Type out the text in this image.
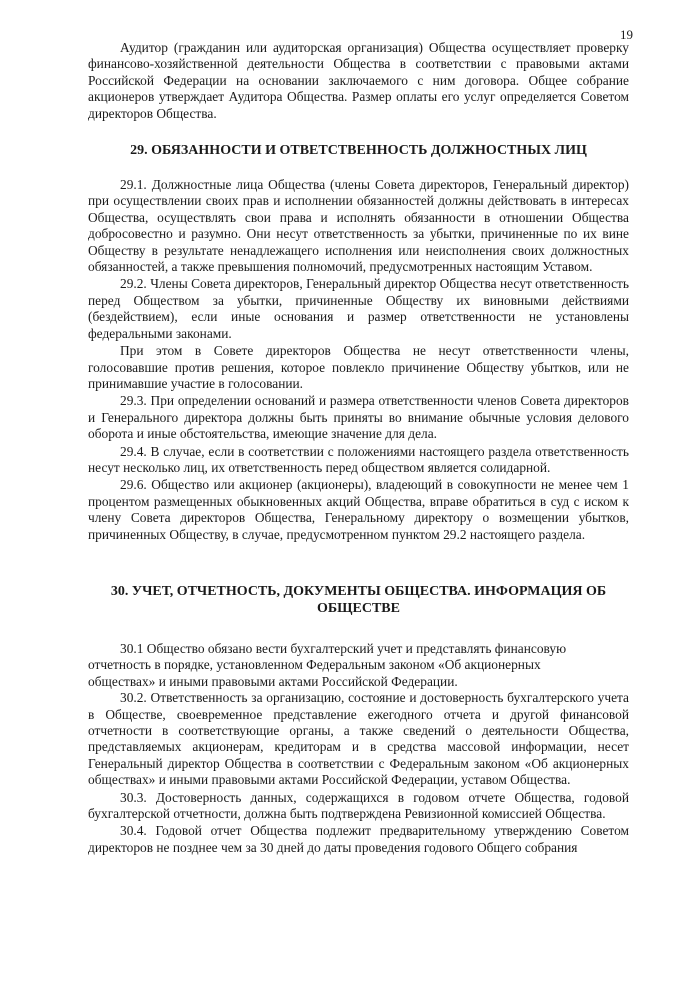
19

Аудитор (гражданин или аудиторская организация) Общества осуществляет проверку финансово-хозяйственной деятельности Общества в соответствии с правовыми актами Российской Федерации на основании заключаемого с ним договора. Общее собрание акционеров утверждает Аудитора Общества. Размер оплаты его услуг определяется Советом директоров Общества.

29. ОБЯЗАННОСТИ И ОТВЕТСТВЕННОСТЬ ДОЛЖНОСТНЫХ ЛИЦ

29.1. Должностные лица Общества (члены Совета директоров, Генеральный директор) при осуществлении своих прав и исполнении обязанностей должны действовать в интересах Общества, осуществлять свои права и исполнять обязанности в отношении Общества добросовестно и разумно. Они несут ответственность за убытки, причиненные по их вине Обществу в результате ненадлежащего исполнения или неисполнения своих должностных обязанностей, а также превышения полномочий, предусмотренных настоящим Уставом.

29.2. Члены Совета директоров, Генеральный директор Общества несут ответственность перед Обществом за убытки, причиненные Обществу их виновными действиями (бездействием), если иные основания и размер ответственности не установлены федеральными законами.

При этом в Совете директоров Общества не несут ответственности члены, голосовавшие против решения, которое повлекло причинение Обществу убытков, или не принимавшие участие в голосовании.

29.3. При определении оснований и размера ответственности членов Совета директоров и Генерального директора должны быть приняты во внимание обычные условия делового оборота и иные обстоятельства, имеющие значение для дела.

29.4. В случае, если в соответствии с положениями настоящего раздела ответственность несут несколько лиц, их ответственность перед обществом является солидарной.

29.6. Общество или акционер (акционеры), владеющий в совокупности не менее чем 1 процентом размещенных обыкновенных акций Общества, вправе обратиться в суд с иском к члену Совета директоров Общества, Генеральному директору о возмещении убытков, причиненных Обществу, в случае, предусмотренном пунктом 29.2 настоящего раздела.

30. УЧЕТ, ОТЧЕТНОСТЬ, ДОКУМЕНТЫ ОБЩЕСТВА. ИНФОРМАЦИЯ ОБ
ОБЩЕСТВЕ

30.1 Общество обязано вести бухгалтерский учет и представлять финансовую
отчетность в порядке, установленном Федеральным законом «Об акционерных
обществах» и иными правовыми актами Российской Федерации.

30.2. Ответственность за организацию, состояние и достоверность бухгалтерского учета в Обществе, своевременное представление ежегодного отчета и другой финансовой отчетности в соответствующие органы, а также сведений о деятельности Общества, представляемых акционерам, кредиторам и в средства массовой информации, несет Генеральный директор Общества в соответствии с Федеральным законом «Об акционерных обществах» и иными правовыми актами Российской Федерации, уставом Общества.

30.3. Достоверность данных, содержащихся в годовом отчете Общества, годовой бухгалтерской отчетности, должна быть подтверждена Ревизионной комиссией Общества.

30.4. Годовой отчет Общества подлежит предварительному утверждению Советом директоров не позднее чем за 30 дней до даты проведения годового Общего собрания
